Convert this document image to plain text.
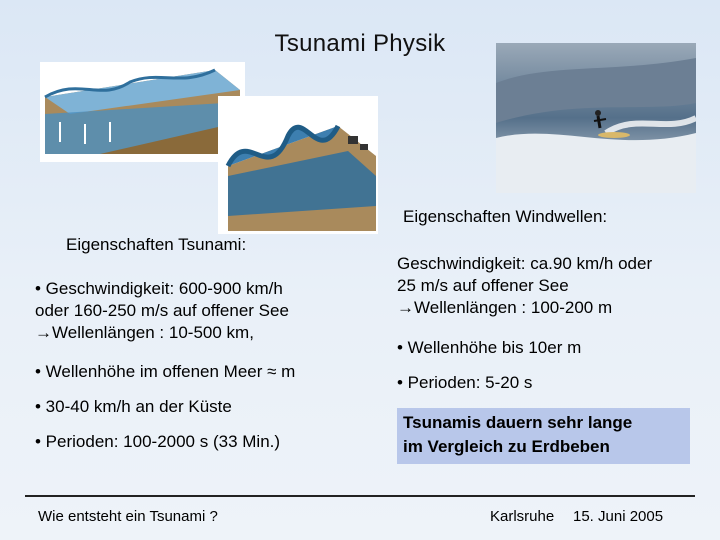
Tsunami Physik
Eigenschaften Tsunami:
• Geschwindigkeit: 600-900 km/h
oder 160-250 m/s auf offener See
→Wellenlängen : 10-500 km,
• Wellenhöhe im offenen Meer ≈ m
• 30-40 km/h an der Küste
• Perioden: 100-2000 s (33 Min.)
Eigenschaften Windwellen:
Geschwindigkeit: ca.90 km/h oder
25 m/s auf offener See
→Wellenlängen : 100-200 m
• Wellenhöhe bis 10er m
• Perioden: 5-20 s
Tsunamis dauern sehr lange
im Vergleich zu Erdbeben
Wie entsteht ein Tsunami ?	Karlsruhe 15. Juni 2005
